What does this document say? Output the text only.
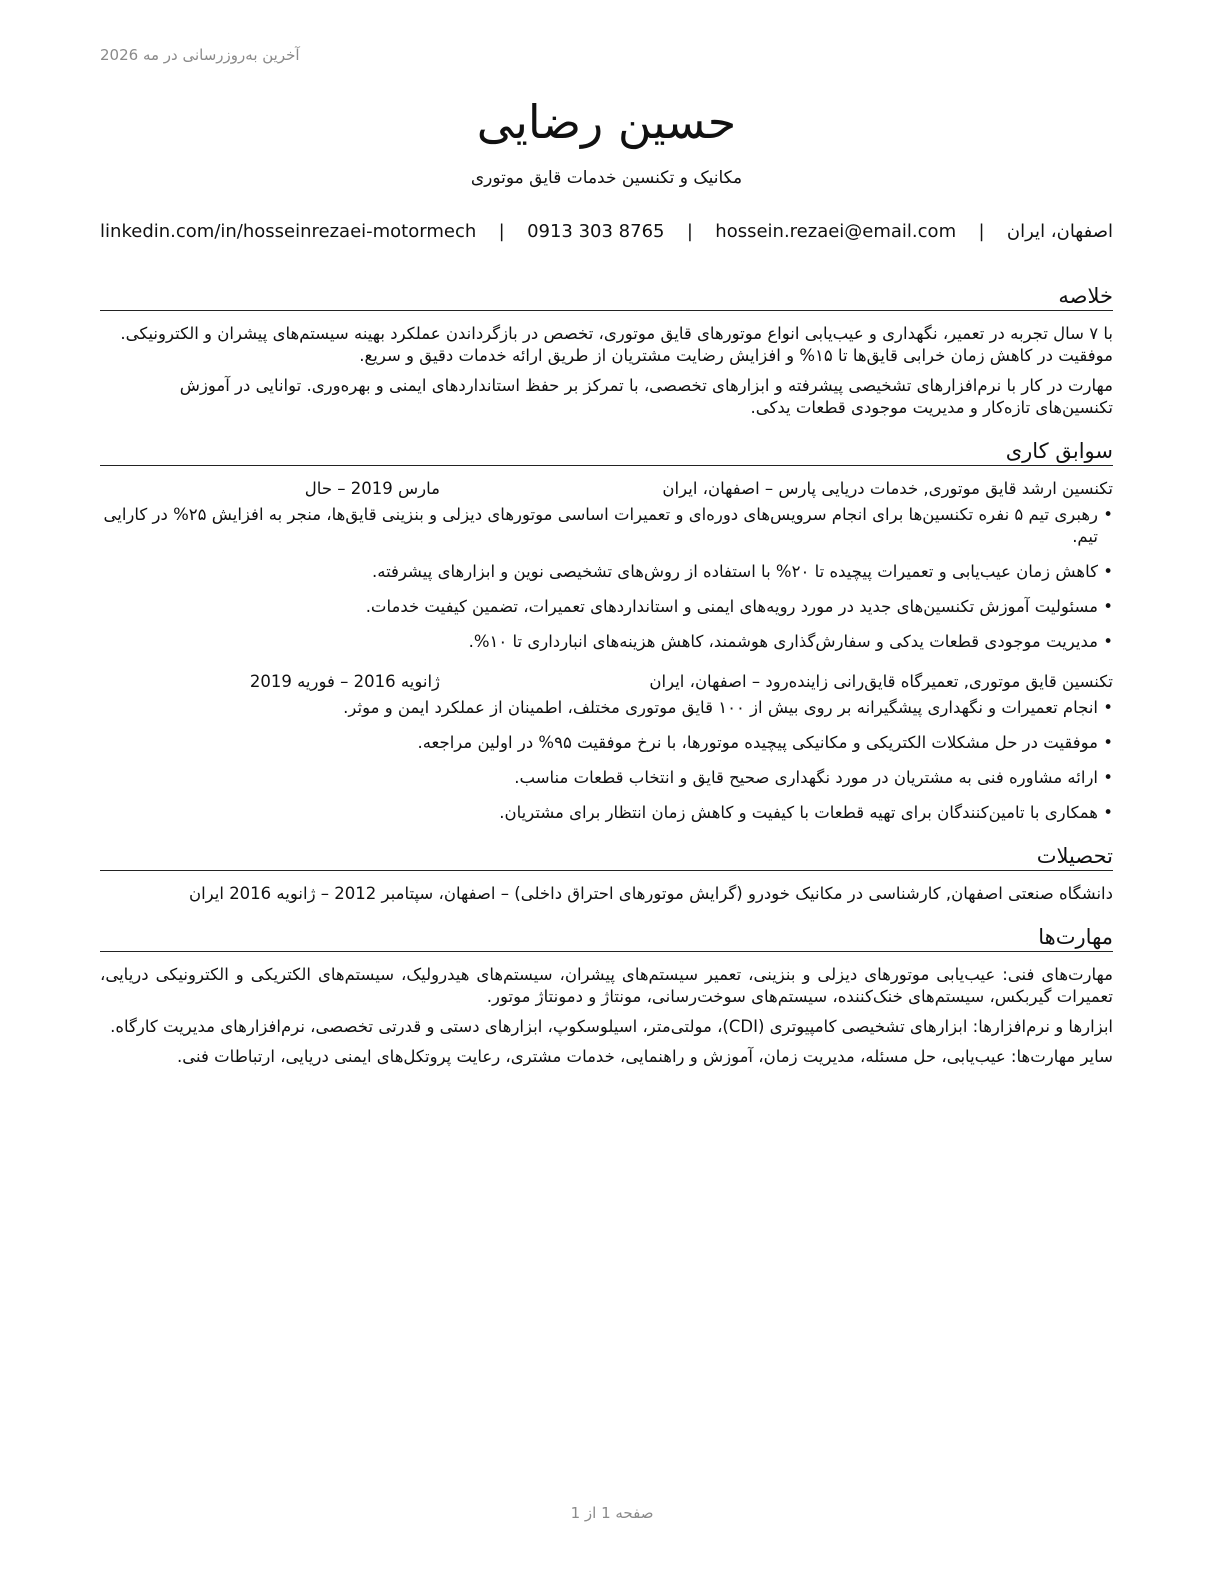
آخرین به‌روزرسانی در مه 2026
حسین رضایی
مکانیک و تکنسین خدمات قایق موتوری
اصفهان، ایران
|
hossein.rezaei@email.com
|
0913 303 8765
|
linkedin.com/in/hosseinrezaei-motormech
خلاصه

با ۷ سال تجربه در تعمیر، نگهداری و عیب‌یابی انواع موتورهای قایق موتوری، تخصص در بازگرداندن عملکرد بهینه سیستم‌های پیشران و الکترونیکی. موفقیت در کاهش زمان خرابی قایق‌ها تا ۱۵% و افزایش رضایت مشتریان از طریق ارائه خدمات دقیق و سریع.

مهارت در کار با نرم‌افزارهای تشخیصی پیشرفته و ابزارهای تخصصی، با تمرکز بر حفظ استانداردهای ایمنی و بهره‌وری. توانایی در آموزش تکنسین‌های تازه‌کار و مدیریت موجودی قطعات یدکی.

سوابق کاری
تکنسین ارشد قایق موتوری, خدمات دریایی پارس – اصفهان، ایران
مارس 2019 – حال
• رهبری تیم ۵ نفره تکنسین‌ها برای انجام سرویس‌های دوره‌ای و تعمیرات اساسی موتورهای دیزلی و بنزینی قایق‌ها، منجر به افزایش ۲۵% در کارایی تیم.
• کاهش زمان عیب‌یابی و تعمیرات پیچیده تا ۲۰% با استفاده از روش‌های تشخیصی نوین و ابزارهای پیشرفته.
• مسئولیت آموزش تکنسین‌های جدید در مورد رویه‌های ایمنی و استانداردهای تعمیرات، تضمین کیفیت خدمات.
• مدیریت موجودی قطعات یدکی و سفارش‌گذاری هوشمند، کاهش هزینه‌های انبارداری تا ۱۰%.
تکنسین قایق موتوری, تعمیرگاه قایق‌رانی زاینده‌رود – اصفهان، ایران
ژانویه 2016 – فوریه 2019
• انجام تعمیرات و نگهداری پیشگیرانه بر روی بیش از ۱۰۰ قایق موتوری مختلف، اطمینان از عملکرد ایمن و موثر.
• موفقیت در حل مشکلات الکتریکی و مکانیکی پیچیده موتورها، با نرخ موفقیت ۹۵% در اولین مراجعه.
• ارائه مشاوره فنی به مشتریان در مورد نگهداری صحیح قایق و انتخاب قطعات مناسب.
• همکاری با تامین‌کنندگان برای تهیه قطعات با کیفیت و کاهش زمان انتظار برای مشتریان.
تحصیلات

دانشگاه صنعتی اصفهان, کارشناسی در مکانیک خودرو (گرایش موتورهای احتراق داخلی) – اصفهان، سپتامبر 2012 – ژانویه 2016 ایران

مهارت‌ها

مهارت‌های فنی: عیب‌یابی موتورهای دیزلی و بنزینی، تعمیر سیستم‌های پیشران، سیستم‌های هیدرولیک، سیستم‌های الکتریکی و الکترونیکی دریایی، تعمیرات گیربکس، سیستم‌های خنک‌کننده، سیستم‌های سوخت‌رسانی، مونتاژ و دمونتاژ موتور.

ابزارها و نرم‌افزارها: ابزارهای تشخیصی کامپیوتری (CDI)، مولتی‌متر، اسیلوسکوپ، ابزارهای دستی و قدرتی تخصصی، نرم‌افزارهای مدیریت کارگاه.

سایر مهارت‌ها: عیب‌یابی، حل مسئله، مدیریت زمان، آموزش و راهنمایی، خدمات مشتری، رعایت پروتکل‌های ایمنی دریایی، ارتباطات فنی.

صفحه 1 از 1
